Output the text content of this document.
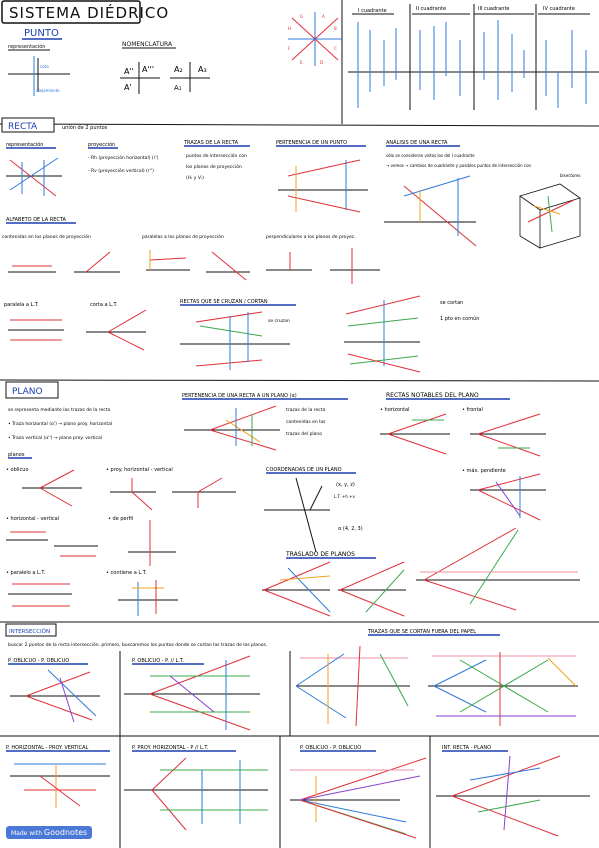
PUNTO
representación
cota
alejamiento
NOMENCLATURA
A'' A'''
A'
A₂ A₃
A₁
G	A
B
C
D
E
F
H
I cuadrante	II cuadrante	III cuadrante	IV cuadrante
SISTEMA DIÉDRICO
RECTA	unión de 2 puntos
representación	proyección
- Rh (proyección horizontal) (r')
- Rv (proyección vertical) (r'')
TRAZAS DE LA RECTA
puntos de intersección con
los planos de proyección
(Hᵣ y Vᵣ)
PERTENENCIA DE UN PUNTO	ANÁLISIS DE UNA RECTA
sólo se consideran vistos los del I cuadrante
→ vemos → cambios de cuadrante y posibles puntos de intersección con
bisectores
ALFABETO DE LA RECTA
contenidas en los planos de proyección	paralelas a los planos de proyección	perpendiculares a los planos de proyec.
paralela a L.T.	corta a L.T.	RECTAS QUE SE CRUZAN / CORTAN
se cruzan
se cortan
1 pto en común
PLANO
se representa mediante las trazas de la recta
• Traza horizontal (α') → plano proy. horizontal
• Traza vertical (α'') → plano proy. vertical
planos
• oblicuo	• proy. horizontal - vertical
• horizontal - vertical	• de perfil
• paralelo a L.T.	• contiene a L.T.
PERTENENCIA DE UNA RECTA A UN PLANO (α)
trazas de la recta
contenidas en las
trazas del plano
RECTAS NOTABLES DEL PLANO
• horizontal	• frontal
• máx. pendiente
COORDENADAS DE UN PLANO
(x, y, z)
L.T. +h +v
α (4, 2, 3)
TRASLADO DE PLANOS
INTERSECCIÓN
buscar 2 puntos de la recta intersección. primero, buscaremos los puntos donde se cortan las trazas de los planos.
TRAZAS QUE SE CORTAN FUERA DEL PAPEL
P. OBLICUO - P. OBLICUO	P. OBLICUO - P. // L.T.
P. HORIZONTAL - PROY. VERTICAL	P. PROY. HORIZONTAL - P // L.T.	P. OBLICUO - P. OBLICUO	INT. RECTA - PLANO
Made with Goodnotes
